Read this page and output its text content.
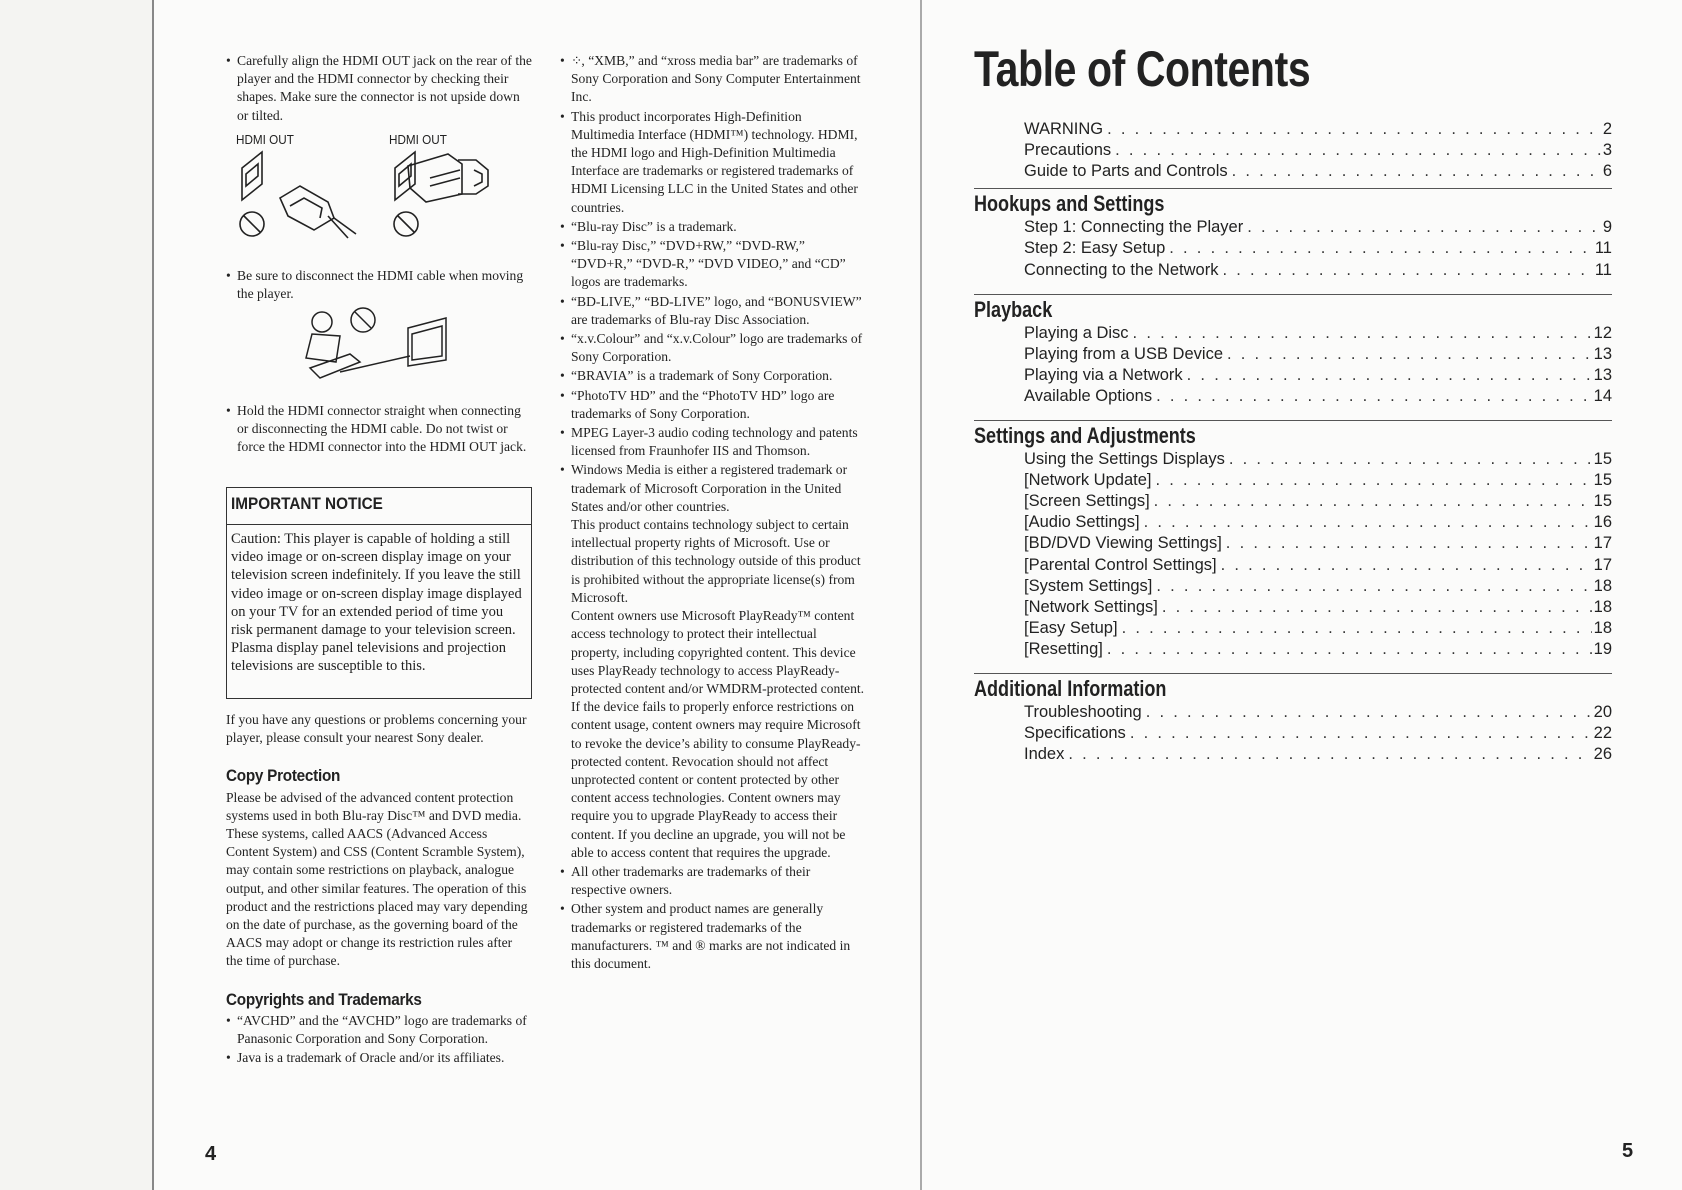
• Carefully align the HDMI OUT jack on the rear of the player and the HDMI connector by checking their shapes. Make sure the connector is not upside down or tilted.
HDMI OUT	HDMI OUT
• Be sure to disconnect the HDMI cable when moving the player.
• Hold the HDMI connector straight when connecting or disconnecting the HDMI cable. Do not twist or force the HDMI connector into the HDMI OUT jack.
IMPORTANT NOTICE
Caution: This player is capable of holding a still video image or on-screen display image on your television screen indefinitely. If you leave the still video image or on-screen display image displayed on your TV for an extended period of time you risk permanent damage to your television screen. Plasma display panel televisions and projection televisions are susceptible to this.

If you have any questions or problems concerning your player, please consult your nearest Sony dealer.

Copy Protection

Please be advised of the advanced content protection systems used in both Blu-ray Disc™ and DVD media. These systems, called AACS (Advanced Access Content System) and CSS (Content Scramble System), may contain some restrictions on playback, analogue output, and other similar features. The operation of this product and the restrictions placed may vary depending on the date of purchase, as the governing board of the AACS may adopt or change its restriction rules after the time of purchase.

Copyrights and Trademarks
• “AVCHD” and the “AVCHD” logo are trademarks of Panasonic Corporation and Sony Corporation.
• Java is a trademark of Oracle and/or its affiliates.
• ⁘, “XMB,” and “xross media bar” are trademarks of Sony Corporation and Sony Computer Entertainment Inc.
• This product incorporates High-Definition Multimedia Interface (HDMI™) technology. HDMI, the HDMI logo and High-Definition Multimedia Interface are trademarks or registered trademarks of HDMI Licensing LLC in the United States and other countries.
• “Blu-ray Disc” is a trademark.
• “Blu-ray Disc,” “DVD+RW,” “DVD-RW,” “DVD+R,” “DVD-R,” “DVD VIDEO,” and “CD” logos are trademarks.
• “BD-LIVE,” “BD-LIVE” logo, and “BONUSVIEW” are trademarks of Blu-ray Disc Association.
• “x.v.Colour” and “x.v.Colour” logo are trademarks of Sony Corporation.
• “BRAVIA” is a trademark of Sony Corporation.
• “PhotoTV HD” and the “PhotoTV HD” logo are trademarks of Sony Corporation.
• MPEG Layer-3 audio coding technology and patents licensed from Fraunhofer IIS and Thomson.
• Windows Media is either a registered trademark or trademark of Microsoft Corporation in the United States and/or other countries.
This product contains technology subject to certain intellectual property rights of Microsoft. Use or distribution of this technology outside of this product is prohibited without the appropriate license(s) from Microsoft.
Content owners use Microsoft PlayReady™ content access technology to protect their intellectual property, including copyrighted content. This device uses PlayReady technology to access PlayReady-protected content and/or WMDRM-protected content. If the device fails to properly enforce restrictions on content usage, content owners may require Microsoft to revoke the device’s ability to consume PlayReady-protected content. Revocation should not affect unprotected content or content protected by other content access technologies. Content owners may require you to upgrade PlayReady to access their content. If you decline an upgrade, you will not be able to access content that requires the upgrade.
• All other trademarks are trademarks of their respective owners.
• Other system and product names are generally trademarks or registered trademarks of the manufacturers. ™ and ® marks are not indicated in this document.
4
Table of Contents
5
WARNING . . .	2
Precautions . . .	3
Guide to Parts and Controls . . .	6
Hookups and Settings
Step 1: Connecting the Player . . .	9
Step 2: Easy Setup . . .	11
Connecting to the Network . . .	11
Playback
Playing a Disc . . .	12
Playing from a USB Device . . .	13
Playing via a Network . . .	13
Available Options . . .	14
Settings and Adjustments
Using the Settings Displays . . .	15
[Network Update] . . .	15
[Screen Settings] . . .	15
[Audio Settings] . . .	16
[BD/DVD Viewing Settings] . . .	17
[Parental Control Settings] . . .	17
[System Settings] . . .	18
[Network Settings] . . .	18
[Easy Setup] . . .	18
[Resetting] . . .	19
Additional Information
Troubleshooting . . .	20
Specifications . . .	22
Index . . .	26
